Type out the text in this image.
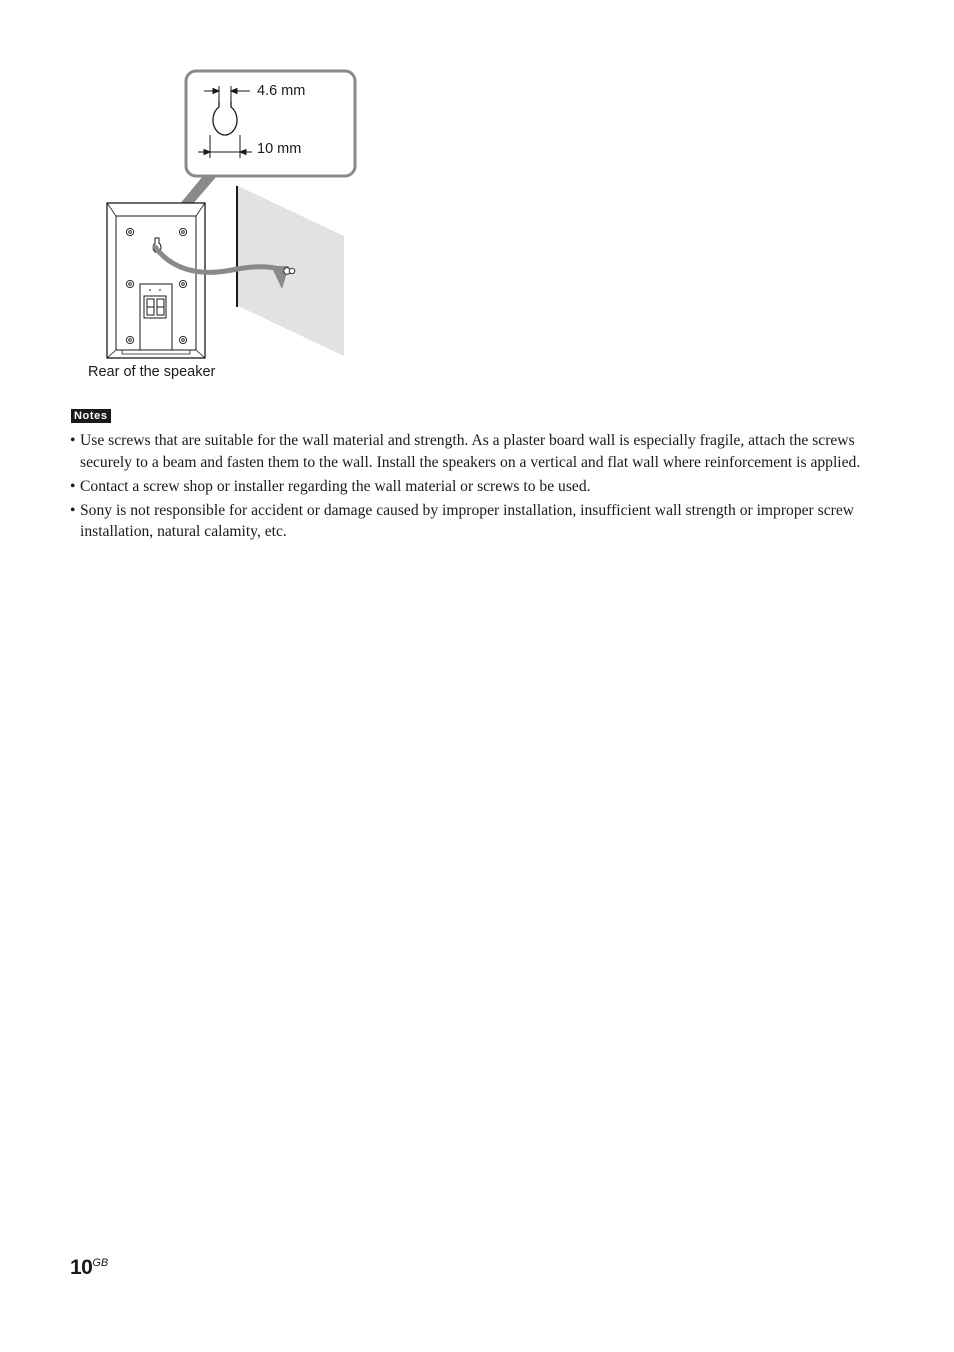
4.6 mm
10 mm
Rear of the speaker
Notes
• Use screws that are suitable for the wall material and strength. As a plaster board wall is especially fragile, attach the screws securely to a beam and fasten them to the wall. Install the speakers on a vertical and flat wall where reinforcement is applied.
• Contact a screw shop or installer regarding the wall material or screws to be used.
• Sony is not responsible for accident or damage caused by improper installation, insufficient wall strength or improper screw installation, natural calamity, etc.
$10^{GB}$
